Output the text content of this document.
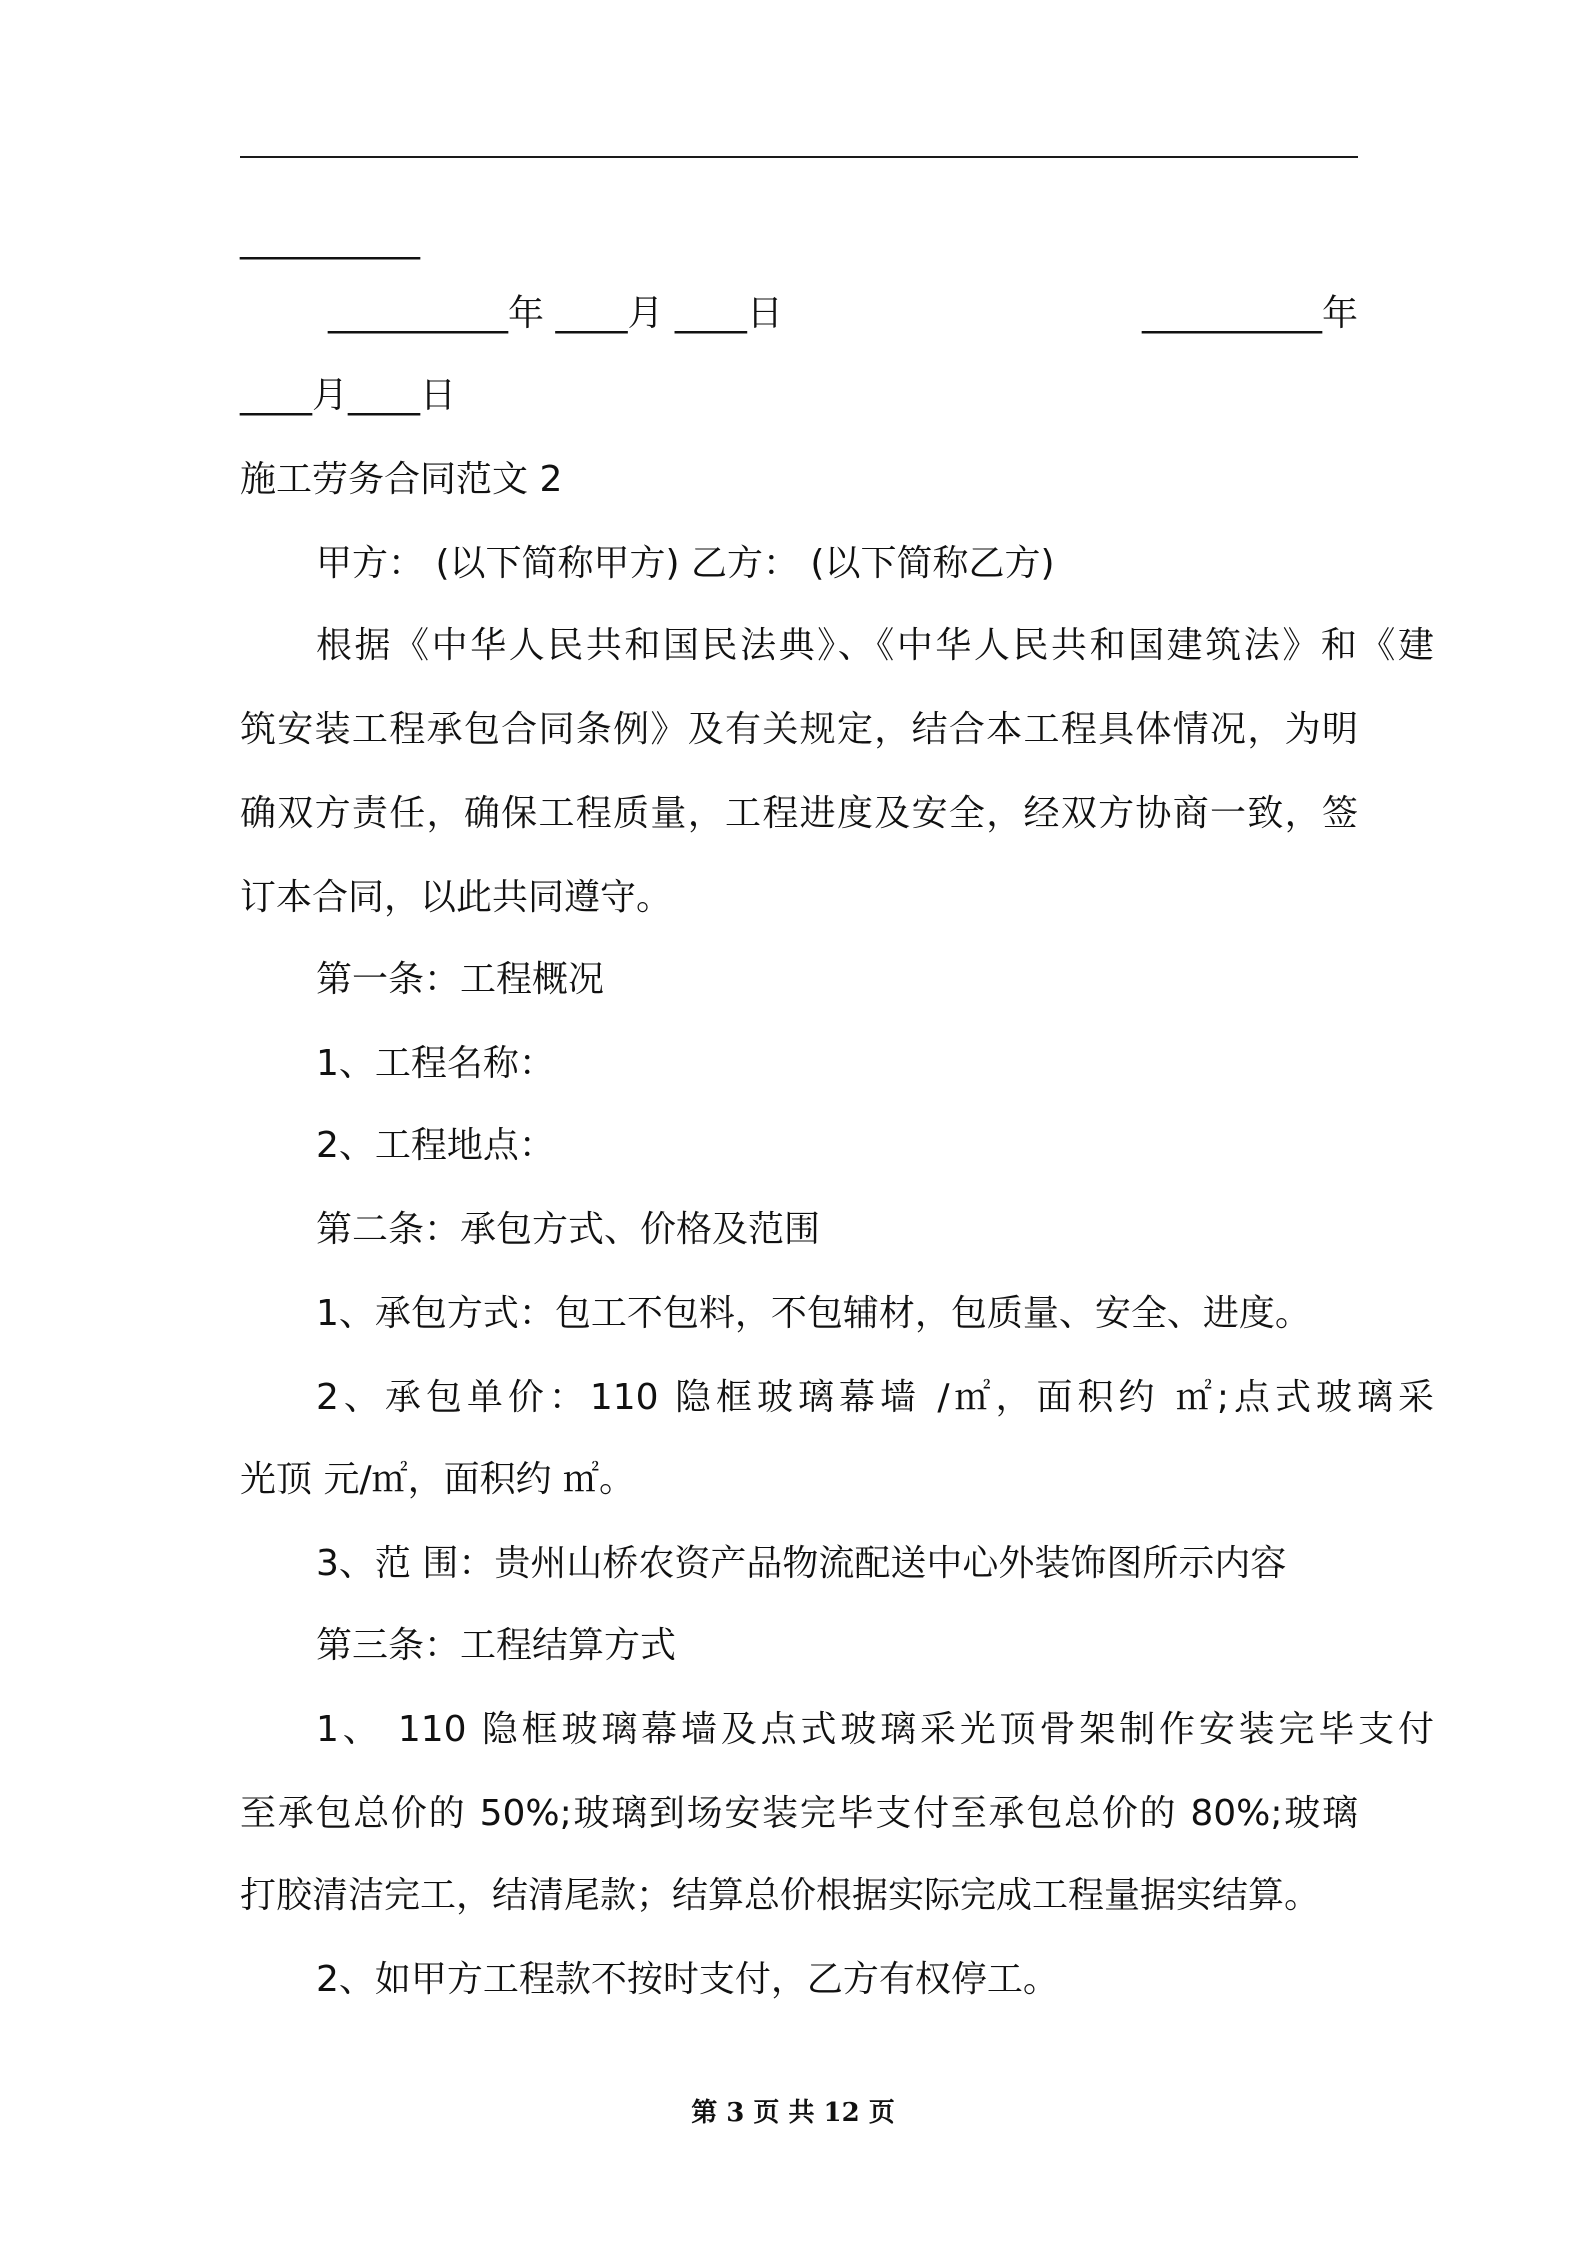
__________
__________年 ____月 ____日	__________年
____月____日
施工劳务合同范文 2
甲方： (以下简称甲方) 乙方： (以下简称乙方)
根据《中华人民共和国民法典》、《中华人民共和国建筑法》和《建
筑安装工程承包合同条例》及有关规定，结合本工程具体情况，为明
确双方责任，确保工程质量，工程进度及安全，经双方协商一致，签
订本合同，以此共同遵守。
第一条：工程概况
1、工程名称：
2、工程地点：
第二条：承包方式、价格及范围
1、承包方式：包工不包料，不包辅材，包质量、安全、进度。
2、承包单价：110 隐框玻璃幕墙 /㎡，面积约 ㎡;点式玻璃采
光顶 元/㎡，面积约 ㎡。
3、范 围：贵州山桥农资产品物流配送中心外装饰图所示内容
第三条：工程结算方式
1、 110 隐框玻璃幕墙及点式玻璃采光顶骨架制作安装完毕支付
至承包总价的 50%;玻璃到场安装完毕支付至承包总价的 80%;玻璃
打胶清洁完工，结清尾款；结算总价根据实际完成工程量据实结算。
2、如甲方工程款不按时支付，乙方有权停工。
第 3 页 共 12 页
